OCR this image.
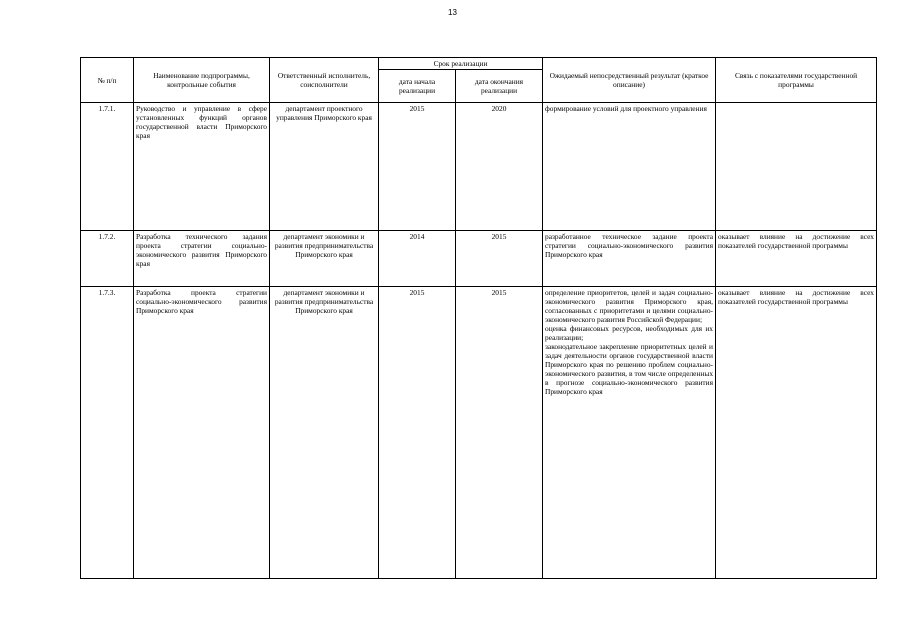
13
№ п/п	Наименование подпрограммы, контрольные события	Ответственный исполнитель, соисполнители	Срок реализации		Ожидаемый непосредственный результат (краткое описание)	Связь с показателями государственной программы
			дата начала реализации	дата окончания реализации		
1.7.1.	Руководство и управление в сфере установленных функций органов государственной власти Приморского края	департамент проектного управления Приморского края	2015	2020	формирование условий для проектного управления	
1.7.2.	Разработка технического задания проекта стратегии социально-экономического развития Приморского края	департамент экономики и развития предпринимательства Приморского края	2014	2015	разработанное техническое задание проекта стратегии социально-экономического развития Приморского края	оказывает влияние на достижение всех показателей государственной программы
1.7.3.	Разработка проекта стратегии социально-экономического развития Приморского края	департамент экономики и развития предпринимательства Приморского края	2015	2015	определение приоритетов, целей и задач социально-экономического развития Приморского края, согласованных с приоритетами и целями социально-экономического развития Российской Федерации;
оценка финансовых ресурсов, необходимых для их реализации;
законодательное закрепление приоритетных целей и задач деятельности органов государственной власти Приморского края по решению проблем социально-экономического развития, в том числе определенных в прогнозе социально-экономического развития Приморского края	оказывает влияние на достижение всех показателей государственной программы
